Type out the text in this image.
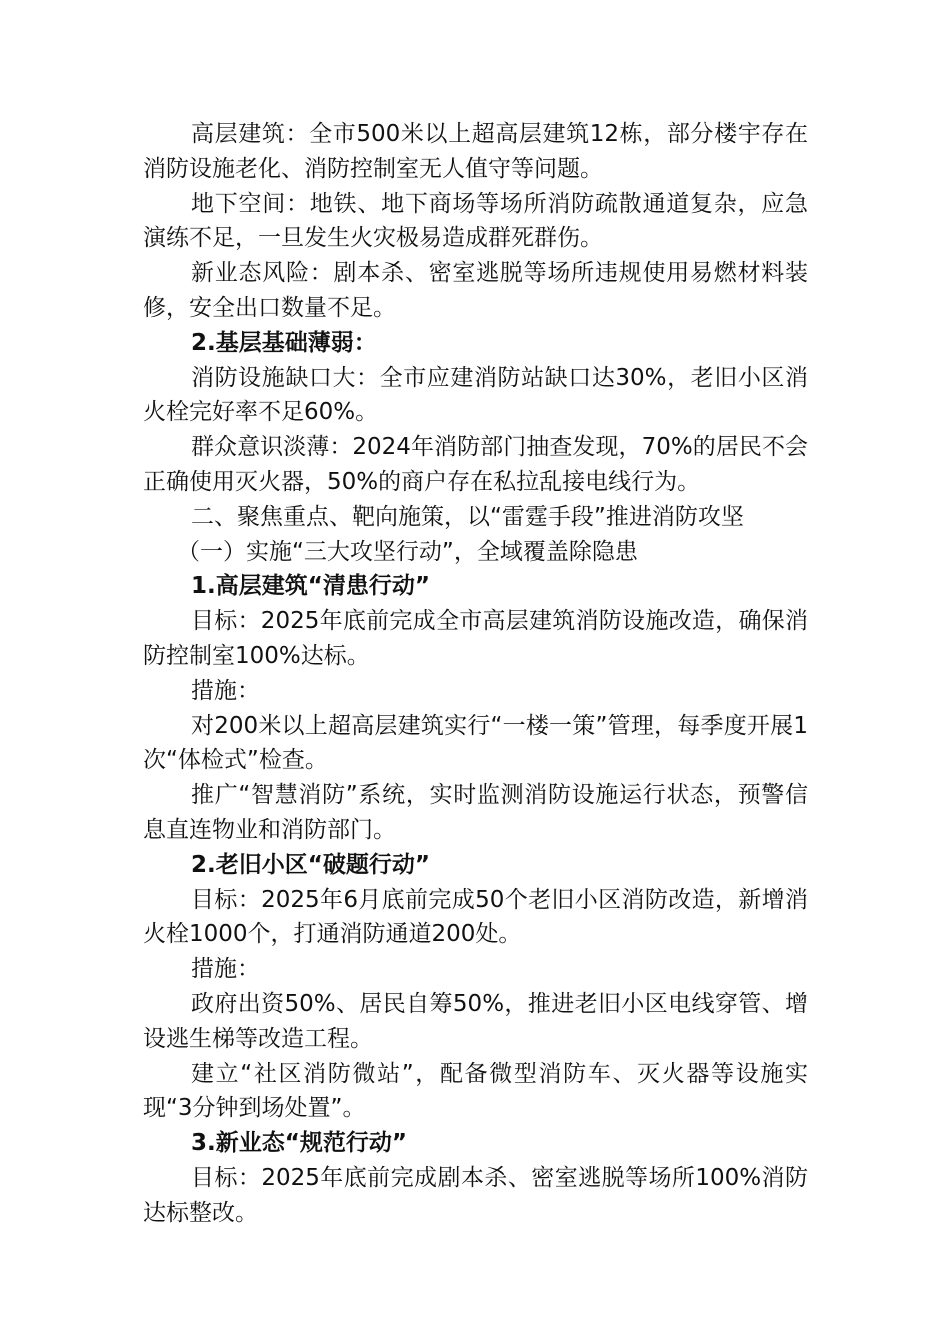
高层建筑：全市500米以上超高层建筑12栋，部分楼宇存在消防设施老化、消防控制室无人值守等问题。

地下空间：地铁、地下商场等场所消防疏散通道复杂，应急演练不足，一旦发生火灾极易造成群死群伤。

新业态风险：剧本杀、密室逃脱等场所违规使用易燃材料装修，安全出口数量不足。

2.基层基础薄弱：

消防设施缺口大：全市应建消防站缺口达30%，老旧小区消火栓完好率不足60%。

群众意识淡薄：2024年消防部门抽查发现，70%的居民不会正确使用灭火器，50%的商户存在私拉乱接电线行为。

二、聚焦重点、靶向施策，以“雷霆手段”推进消防攻坚

（一）实施“三大攻坚行动”，全域覆盖除隐患

1.高层建筑“清患行动”

目标：2025年底前完成全市高层建筑消防设施改造，确保消防控制室100%达标。

措施：

对200米以上超高层建筑实行“一楼一策”管理，每季度开展1次“体检式”检查。

推广“智慧消防”系统，实时监测消防设施运行状态，预警信息直连物业和消防部门。

2.老旧小区“破题行动”

目标：2025年6月底前完成50个老旧小区消防改造，新增消火栓1000个，打通消防通道200处。

措施：

政府出资50%、居民自筹50%，推进老旧小区电线穿管、增设逃生梯等改造工程。

建立“社区消防微站”，配备微型消防车、灭火器等设施实现“3分钟到场处置”。

3.新业态“规范行动”

目标：2025年底前完成剧本杀、密室逃脱等场所100%消防达标整改。
